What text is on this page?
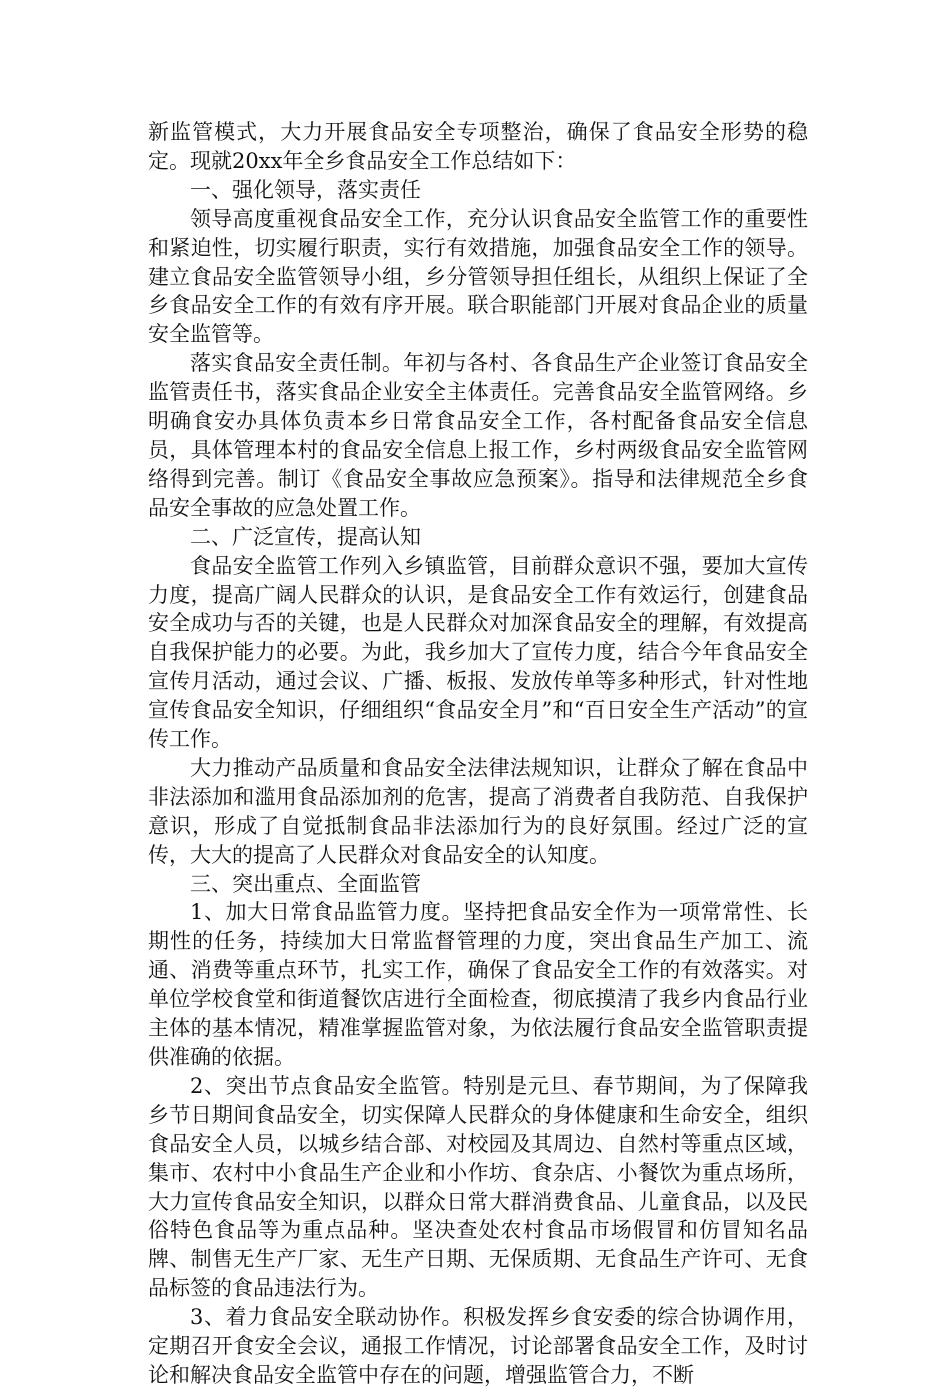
新监管模式，大力开展食品安全专项整治，确保了食品安全形势的稳定。现就20xx年全乡食品安全工作总结如下：

一、强化领导，落实责任

领导高度重视食品安全工作，充分认识食品安全监管工作的重要性和紧迫性，切实履行职责，实行有效措施，加强食品安全工作的领导。建立食品安全监管领导小组，乡分管领导担任组长，从组织上保证了全乡食品安全工作的有效有序开展。联合职能部门开展对食品企业的质量安全监管等。

落实食品安全责任制。年初与各村、各食品生产企业签订食品安全监管责任书，落实食品企业安全主体责任。完善食品安全监管网络。乡明确食安办具体负责本乡日常食品安全工作，各村配备食品安全信息员，具体管理本村的食品安全信息上报工作，乡村两级食品安全监管网络得到完善。制订《食品安全事故应急预案》。指导和法律规范全乡食品安全事故的应急处置工作。

二、广泛宣传，提高认知

食品安全监管工作列入乡镇监管，目前群众意识不强，要加大宣传力度，提高广阔人民群众的认识，是食品安全工作有效运行，创建食品安全成功与否的关键，也是人民群众对加深食品安全的理解，有效提高自我保护能力的必要。为此，我乡加大了宣传力度，结合今年食品安全宣传月活动，通过会议、广播、板报、发放传单等多种形式，针对性地宣传食品安全知识，仔细组织“食品安全月”和“百日安全生产活动”的宣传工作。

大力推动产品质量和食品安全法律法规知识，让群众了解在食品中非法添加和滥用食品添加剂的危害，提高了消费者自我防范、自我保护意识，形成了自觉抵制食品非法添加行为的良好氛围。经过广泛的宣传，大大的提高了人民群众对食品安全的认知度。

三、突出重点、全面监管

1、加大日常食品监管力度。坚持把食品安全作为一项常常性、长期性的任务，持续加大日常监督管理的力度，突出食品生产加工、流通、消费等重点环节，扎实工作，确保了食品安全工作的有效落实。对单位学校食堂和街道餐饮店进行全面检查，彻底摸清了我乡内食品行业主体的基本情况，精准掌握监管对象，为依法履行食品安全监管职责提供准确的依据。

2、突出节点食品安全监管。特别是元旦、春节期间，为了保障我乡节日期间食品安全，切实保障人民群众的身体健康和生命安全，组织食品安全人员，以城乡结合部、对校园及其周边、自然村等重点区域，集市、农村中小食品生产企业和小作坊、食杂店、小餐饮为重点场所，大力宣传食品安全知识，以群众日常大群消费食品、儿童食品，以及民俗特色食品等为重点品种。坚决查处农村食品市场假冒和仿冒知名品牌、制售无生产厂家、无生产日期、无保质期、无食品生产许可、无食品标签的食品违法行为。

3、着力食品安全联动协作。积极发挥乡食安委的综合协调作用，定期召开食安全会议，通报工作情况，讨论部署食品安全工作，及时讨论和解决食品安全监管中存在的问题，增强监管合力，不断
